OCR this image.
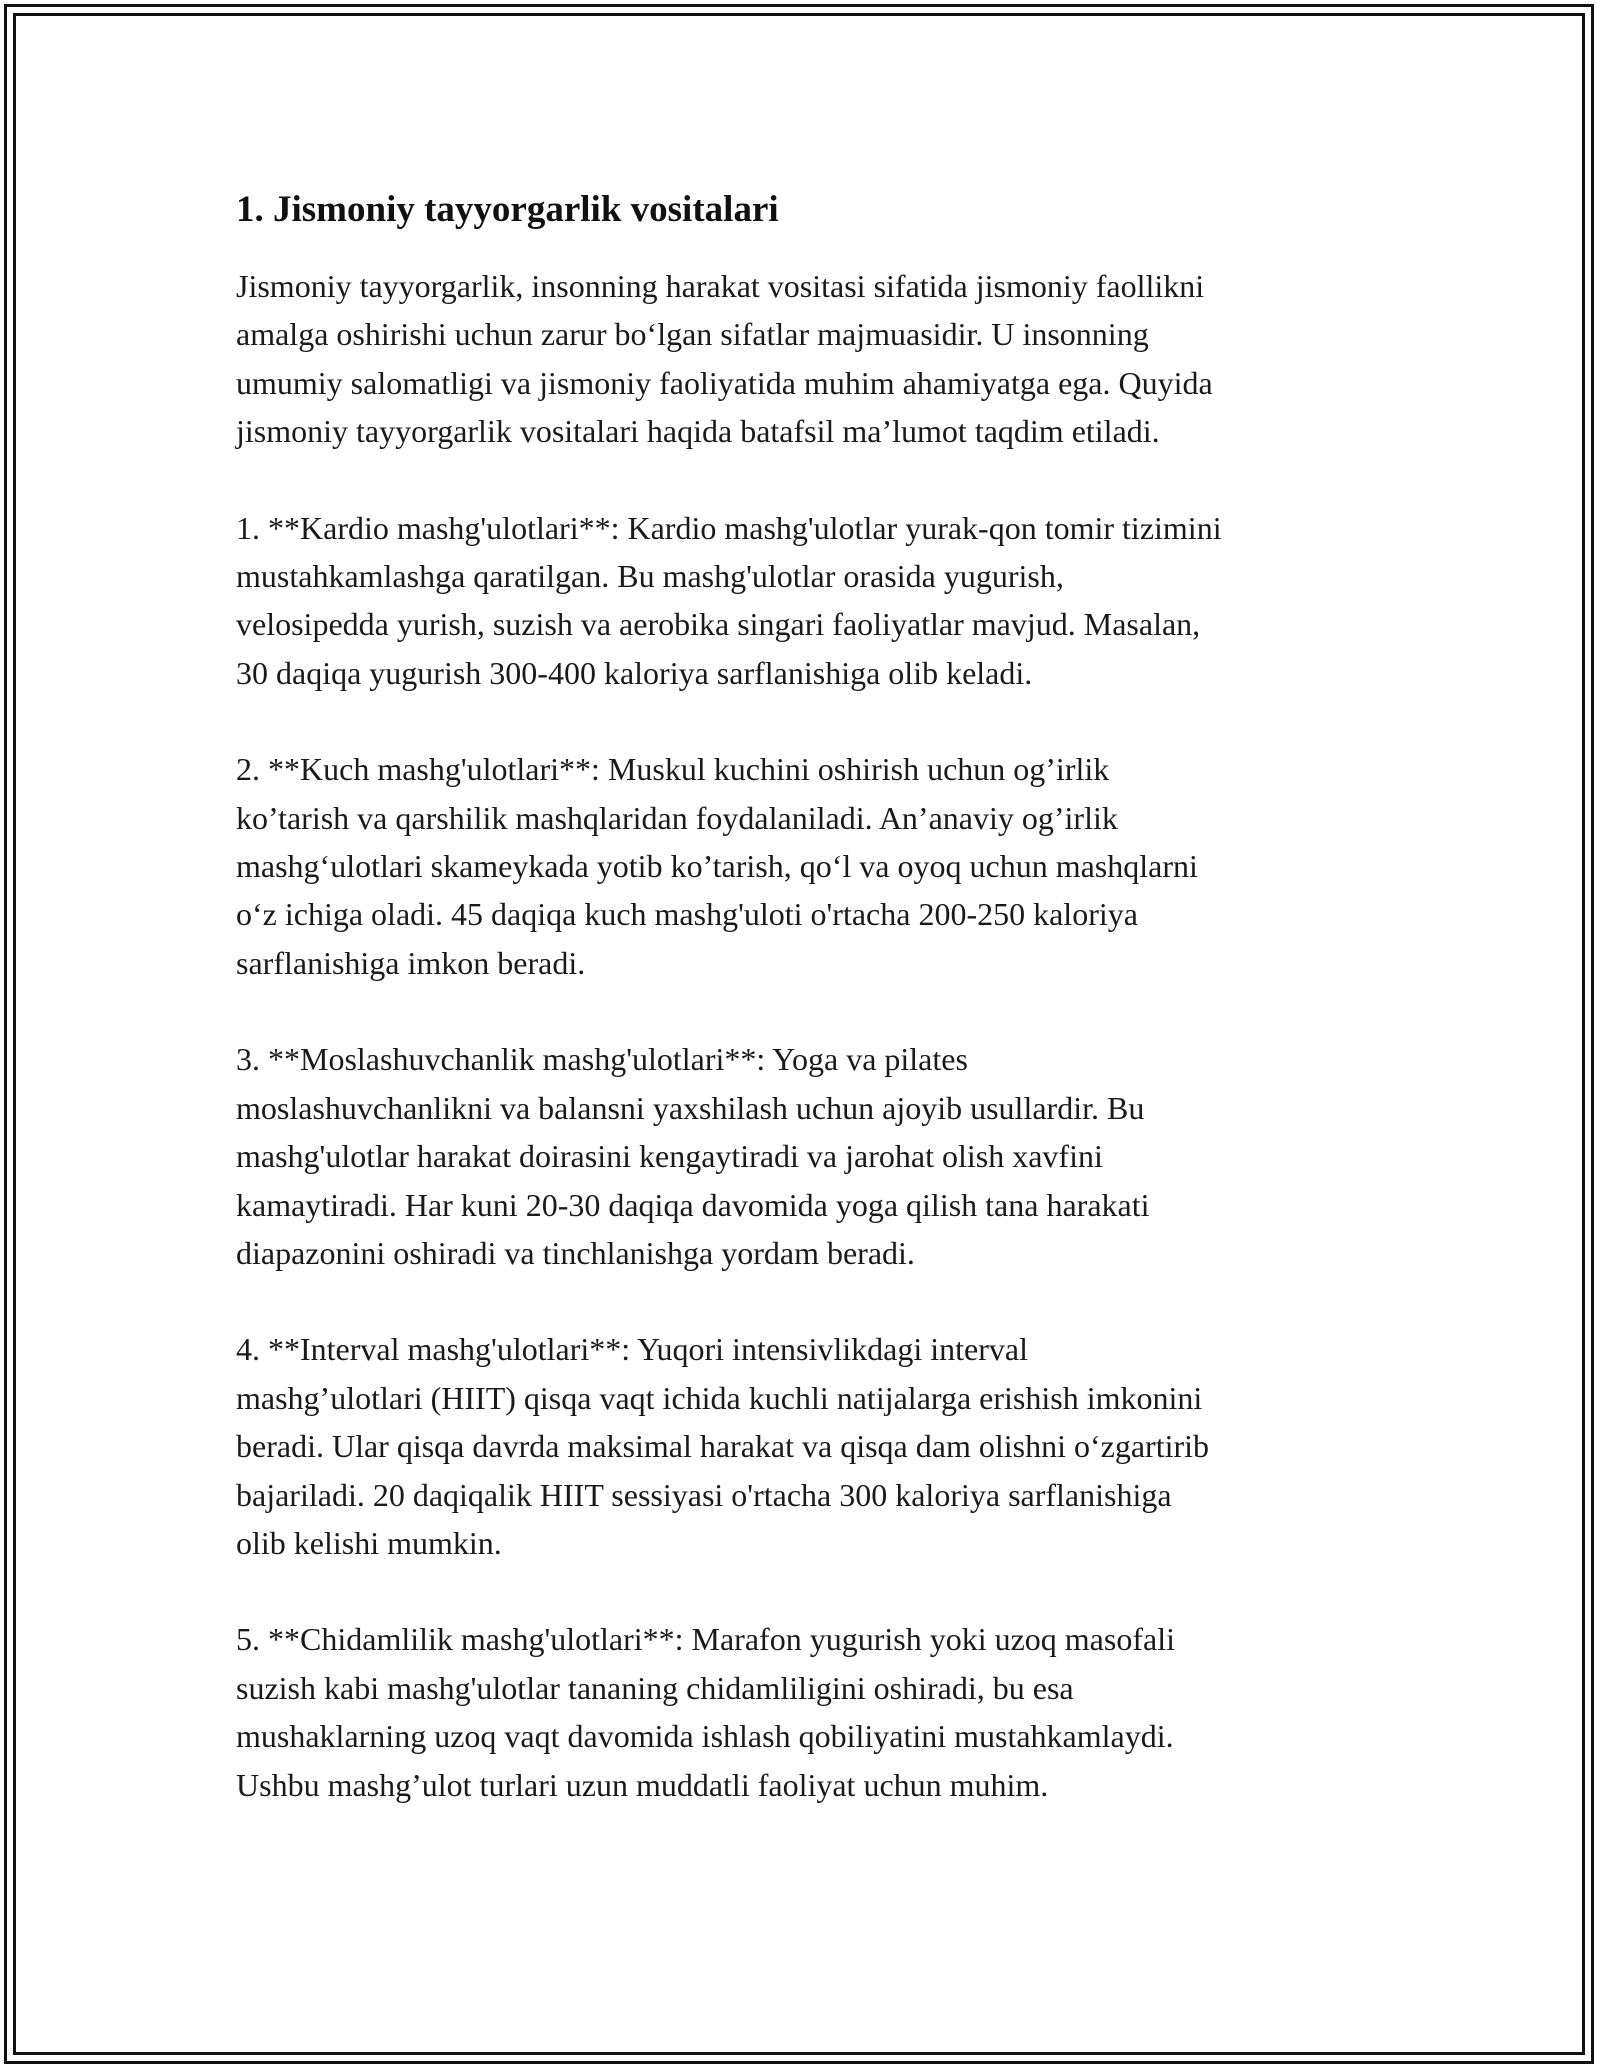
1. Jismoniy tayyorgarlik vositalari

Jismoniy tayyorgarlik, insonning harakat vositasi sifatida jismoniy faollikni
amalga oshirishi uchun zarur bo‘lgan sifatlar majmuasidir. U insonning
umumiy salomatligi va jismoniy faoliyatida muhim ahamiyatga ega. Quyida
jismoniy tayyorgarlik vositalari haqida batafsil ma’lumot taqdim etiladi.

1. **Kardio mashg'ulotlari**: Kardio mashg'ulotlar yurak-qon tomir tizimini
mustahkamlashga qaratilgan. Bu mashg'ulotlar orasida yugurish,
velosipedda yurish, suzish va aerobika singari faoliyatlar mavjud. Masalan,
30 daqiqa yugurish 300-400 kaloriya sarflanishiga olib keladi.

2. **Kuch mashg'ulotlari**: Muskul kuchini oshirish uchun og’irlik
ko’tarish va qarshilik mashqlaridan foydalaniladi. An’anaviy og’irlik
mashg‘ulotlari skameykada yotib ko’tarish, qo‘l va oyoq uchun mashqlarni
o‘z ichiga oladi. 45 daqiqa kuch mashg'uloti o'rtacha 200-250 kaloriya
sarflanishiga imkon beradi.

3. **Moslashuvchanlik mashg'ulotlari**: Yoga va pilates
moslashuvchanlikni va balansni yaxshilash uchun ajoyib usullardir. Bu
mashg'ulotlar harakat doirasini kengaytiradi va jarohat olish xavfini
kamaytiradi. Har kuni 20-30 daqiqa davomida yoga qilish tana harakati
diapazonini oshiradi va tinchlanishga yordam beradi.

4. **Interval mashg'ulotlari**: Yuqori intensivlikdagi interval
mashg’ulotlari (HIIT) qisqa vaqt ichida kuchli natijalarga erishish imkonini
beradi. Ular qisqa davrda maksimal harakat va qisqa dam olishni o‘zgartirib
bajariladi. 20 daqiqalik HIIT sessiyasi o'rtacha 300 kaloriya sarflanishiga
olib kelishi mumkin.

5. **Chidamlilik mashg'ulotlari**: Marafon yugurish yoki uzoq masofali
suzish kabi mashg'ulotlar tananing chidamliligini oshiradi, bu esa
mushaklarning uzoq vaqt davomida ishlash qobiliyatini mustahkamlaydi.
Ushbu mashg’ulot turlari uzun muddatli faoliyat uchun muhim.
